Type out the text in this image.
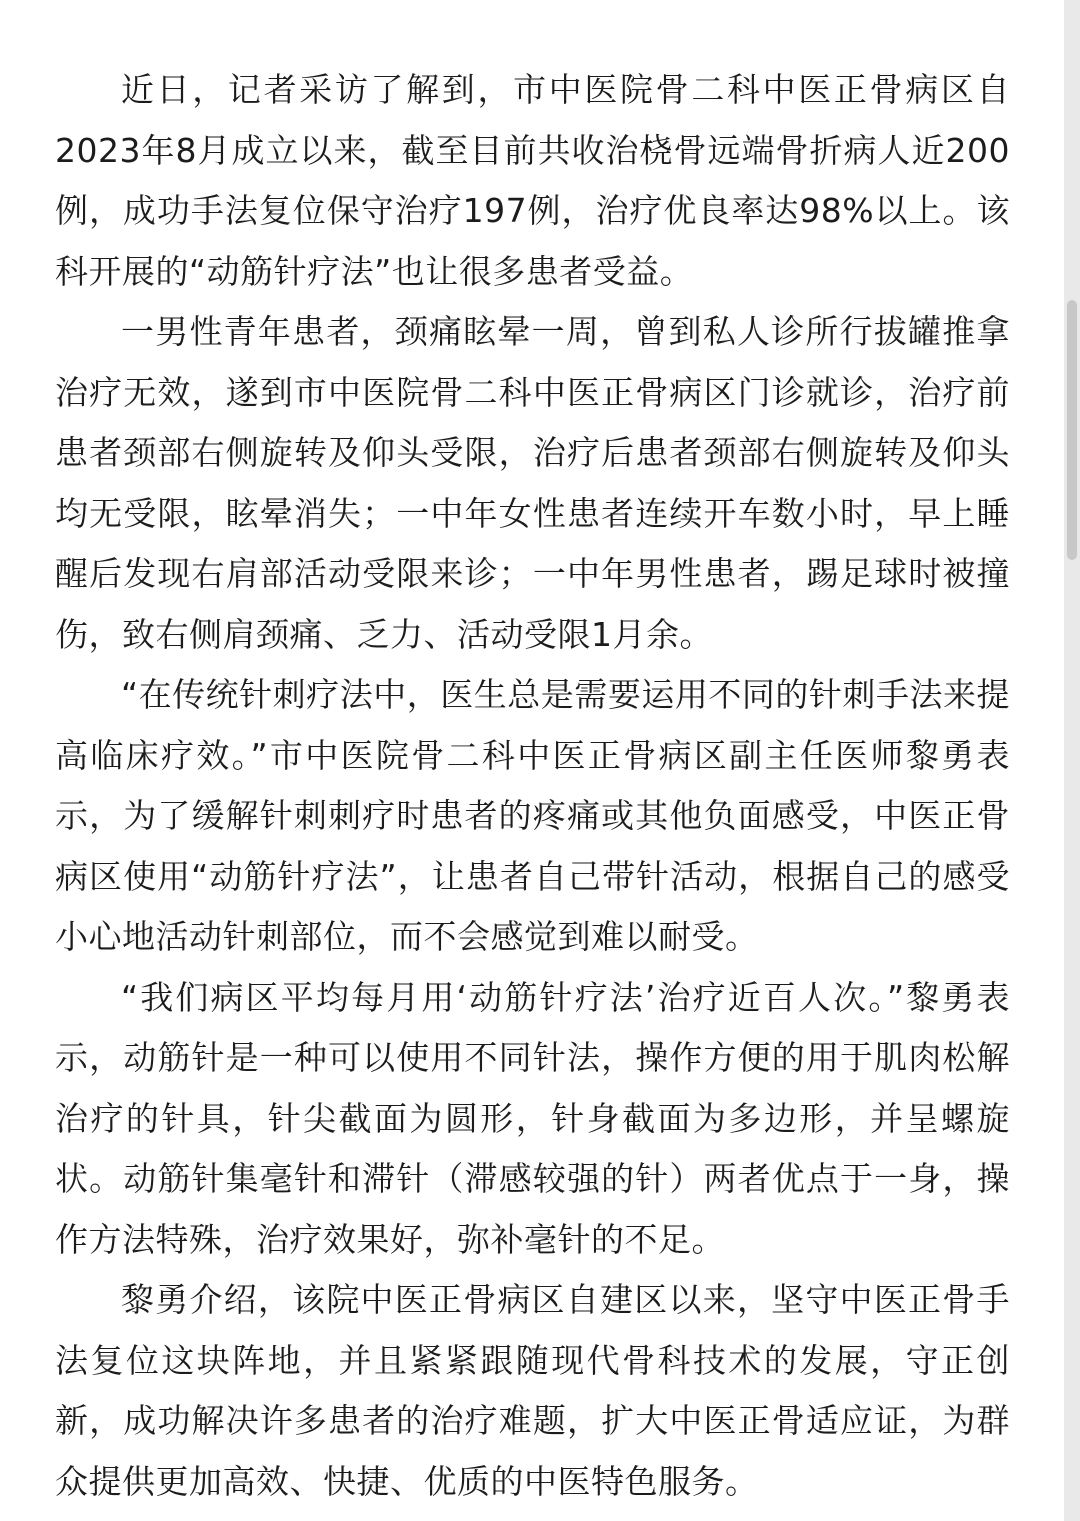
近日，记者采访了解到，市中医院骨二科中医正骨病区自2023年8月成立以来，截至目前共收治桡骨远端骨折病人近200例，成功手法复位保守治疗197例，治疗优良率达98%以上。该科开展的“动筋针疗法”也让很多患者受益。

一男性青年患者，颈痛眩晕一周，曾到私人诊所行拔罐推拿治疗无效，遂到市中医院骨二科中医正骨病区门诊就诊，治疗前患者颈部右侧旋转及仰头受限，治疗后患者颈部右侧旋转及仰头均无受限，眩晕消失；一中年女性患者连续开车数小时，早上睡醒后发现右肩部活动受限来诊；一中年男性患者，踢足球时被撞伤，致右侧肩颈痛、乏力、活动受限1月余。

“在传统针刺疗法中，医生总是需要运用不同的针刺手法来提高临床疗效。”市中医院骨二科中医正骨病区副主任医师黎勇表示，为了缓解针刺刺疗时患者的疼痛或其他负面感受，中医正骨病区使用“动筋针疗法”，让患者自己带针活动，根据自己的感受小心地活动针刺部位，而不会感觉到难以耐受。

“我们病区平均每月用‘动筋针疗法’治疗近百人次。”黎勇表示，动筋针是一种可以使用不同针法，操作方便的用于肌肉松解治疗的针具，针尖截面为圆形，针身截面为多边形，并呈螺旋状。动筋针集毫针和滞针（滞感较强的针）两者优点于一身，操作方法特殊，治疗效果好，弥补毫针的不足。

黎勇介绍，该院中医正骨病区自建区以来，坚守中医正骨手法复位这块阵地，并且紧紧跟随现代骨科技术的发展，守正创新，成功解决许多患者的治疗难题，扩大中医正骨适应证，为群众提供更加高效、快捷、优质的中医特色服务。
